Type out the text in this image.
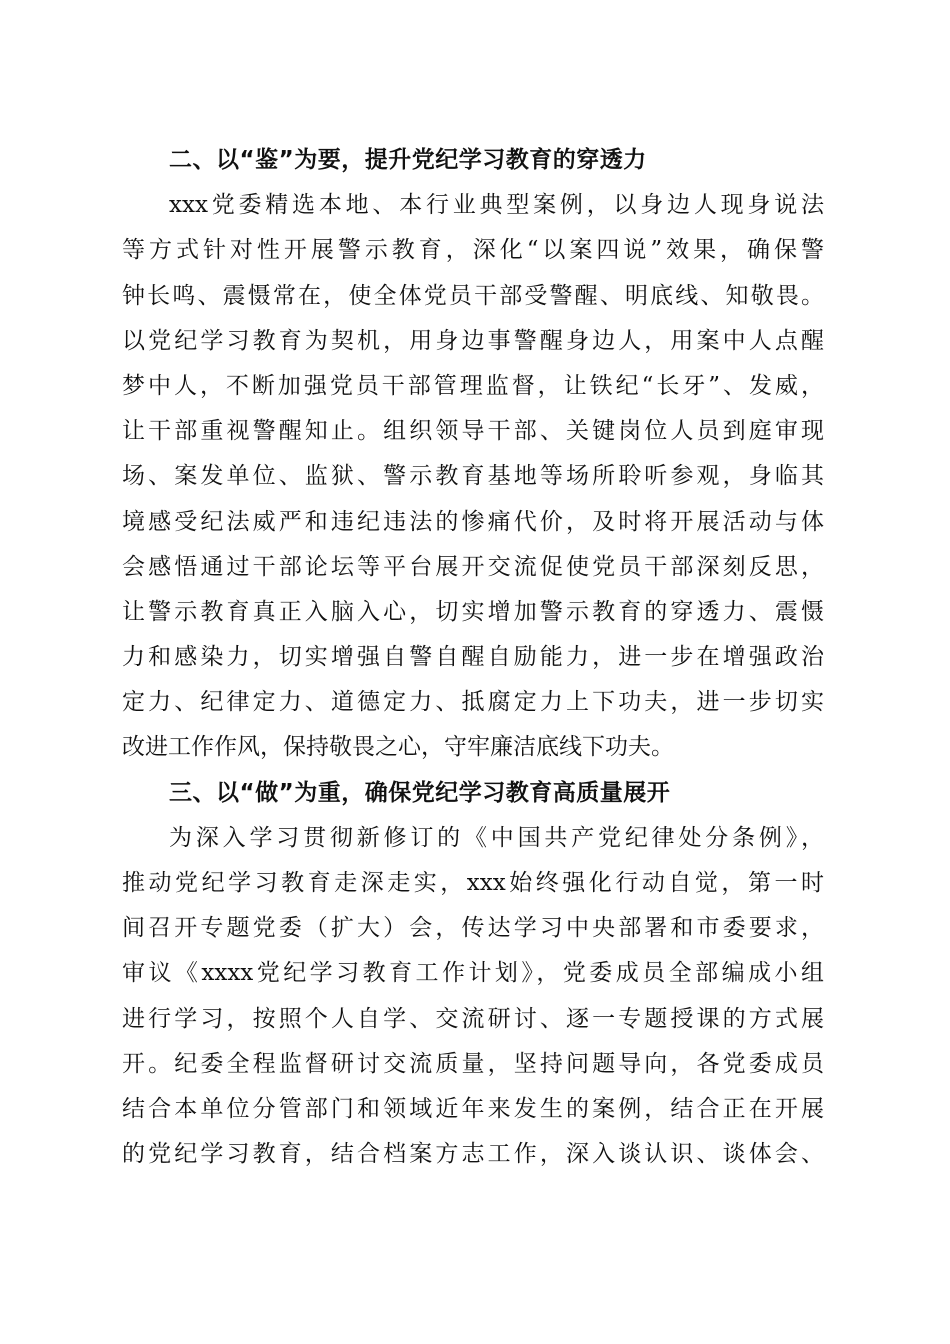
二、以“鉴”为要，提升党纪学习教育的穿透力
xxx党委精选本地、本行业典型案例，以身边人现身说法
等方式针对性开展警示教育，深化“以案四说”效果，确保警
钟长鸣、震慑常在，使全体党员干部受警醒、明底线、知敬畏。
以党纪学习教育为契机，用身边事警醒身边人，用案中人点醒
梦中人，不断加强党员干部管理监督，让铁纪“长牙”、发威，
让干部重视警醒知止。组织领导干部、关键岗位人员到庭审现
场、案发单位、监狱、警示教育基地等场所聆听参观，身临其
境感受纪法威严和违纪违法的惨痛代价，及时将开展活动与体
会感悟通过干部论坛等平台展开交流促使党员干部深刻反思，
让警示教育真正入脑入心，切实增加警示教育的穿透力、震慑
力和感染力，切实增强自警自醒自励能力，进一步在增强政治
定力、纪律定力、道德定力、抵腐定力上下功夫，进一步切实
改进工作作风，保持敬畏之心，守牢廉洁底线下功夫。
三、以“做”为重，确保党纪学习教育高质量展开
为深入学习贯彻新修订的《中国共产党纪律处分条例》，
推动党纪学习教育走深走实，xxx始终强化行动自觉，第一时
间召开专题党委（扩大）会，传达学习中央部署和市委要求，
审议《xxxx党纪学习教育工作计划》，党委成员全部编成小组
进行学习，按照个人自学、交流研讨、逐一专题授课的方式展
开。纪委全程监督研讨交流质量，坚持问题导向，各党委成员
结合本单位分管部门和领域近年来发生的案例，结合正在开展
的党纪学习教育，结合档案方志工作，深入谈认识、谈体会、
